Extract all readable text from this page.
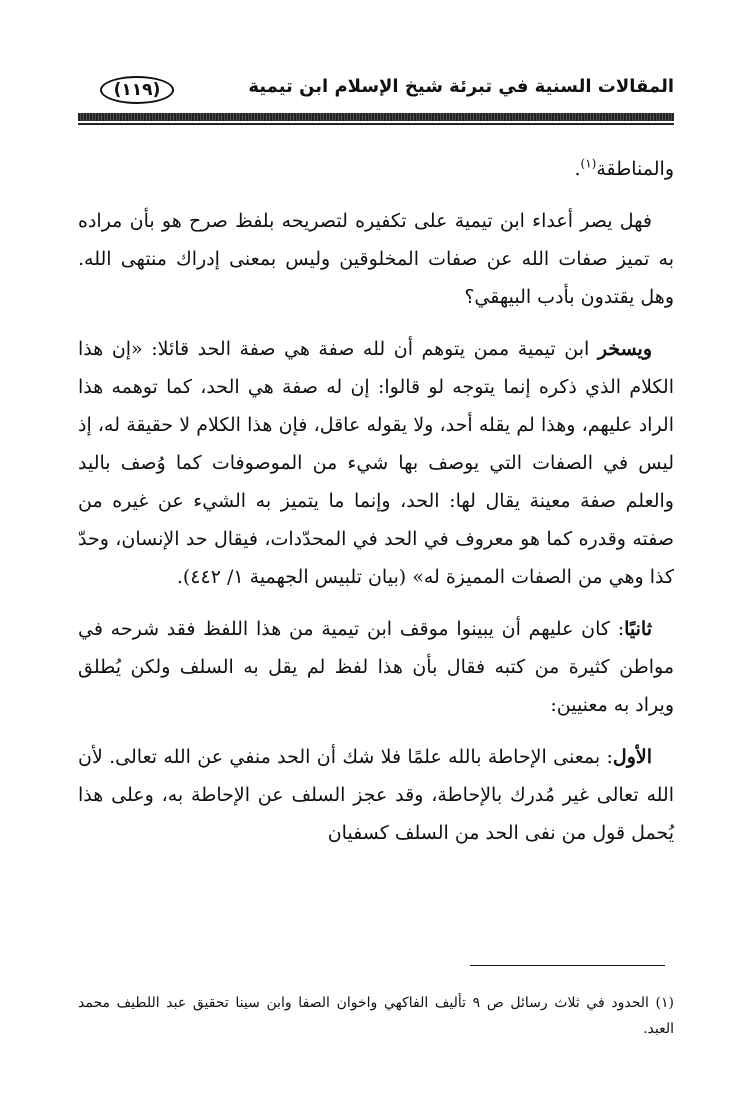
المقالات السنية في تبرئة شيخ الإسلام ابن تيمية
(١١٩)

والمناطقة$^{(١)}$.

فهل يصر أعداء ابن تيمية على تكفيره لتصريحه بلفظ صرح هو بأن مراده به تميز صفات الله عن صفات المخلوقين وليس بمعنى إدراك منتهى الله. وهل يقتدون بأدب البيهقي؟

ويسخر ابن تيمية ممن يتوهم أن لله صفة هي صفة الحد قائلا: «إن هذا الكلام الذي ذكره إنما يتوجه لو قالوا: إن له صفة هي الحد، كما توهمه هذا الراد عليهم، وهذا لم يقله أحد، ولا يقوله عاقل، فإن هذا الكلام لا حقيقة له، إذ ليس في الصفات التي يوصف بها شيء من الموصوفات كما وُصف باليد والعلم صفة معينة يقال لها: الحد، وإنما ما يتميز به الشيء عن غيره من صفته وقدره كما هو معروف في الحد في المحدّدات، فيقال حد الإنسان، وحدّ كذا وهي من الصفات المميزة له» (بيان تلبيس الجهمية ١/ ٤٤٢).

ثانيًا: كان عليهم أن يبينوا موقف ابن تيمية من هذا اللفظ فقد شرحه في مواطن كثيرة من كتبه فقال بأن هذا لفظ لم يقل به السلف ولكن يُطلق ويراد به معنيين:

الأول: بمعنى الإحاطة بالله علمًا فلا شك أن الحد منفي عن الله تعالى. لأن الله تعالى غير مُدرك بالإحاطة، وقد عجز السلف عن الإحاطة به، وعلى هذا يُحمل قول من نفى الحد من السلف كسفيان

(١) الحدود في ثلاث رسائل ص ٩ تأليف الفاكهي واخوان الصفا وابن سينا تحقيق عبد اللطيف محمد العبد.
